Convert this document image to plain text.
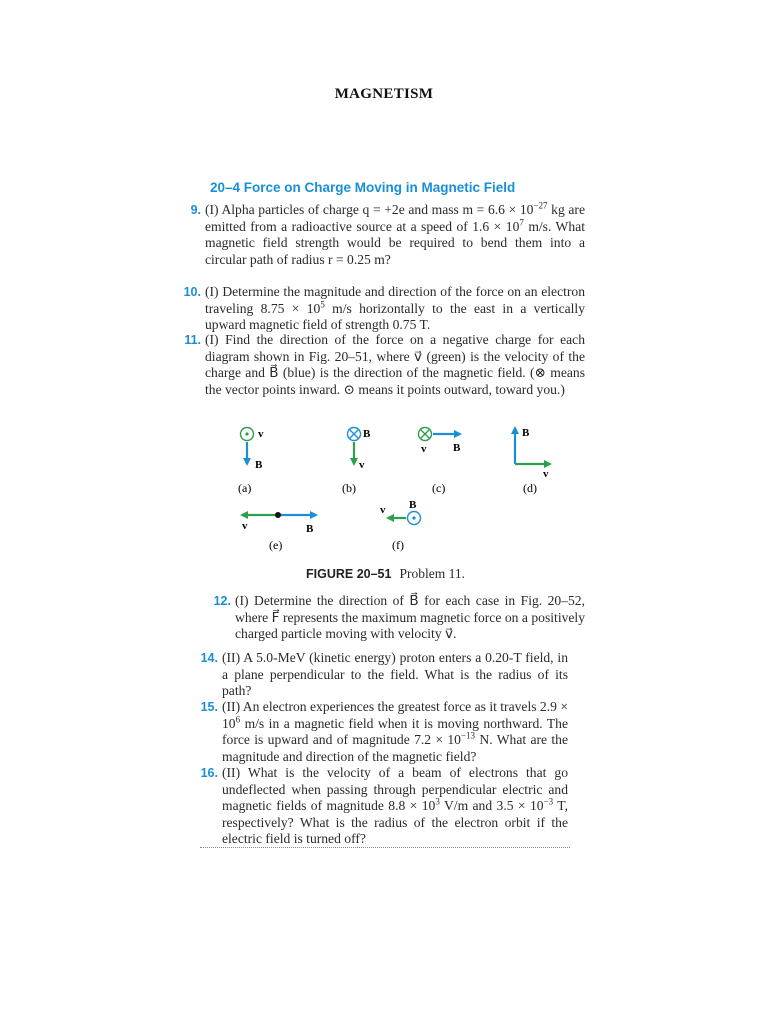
MAGNETISM
20–4 Force on Charge Moving in Magnetic Field
9. (I) Alpha particles of charge q = +2e and mass $m = 6.6 \times 10^{-27}$ kg are emitted from a radioactive source at a speed of $1.6 \times 10^7$ m/s. What magnetic field strength would be required to bend them into a circular path of radius r = 0.25 m?
10. (I) Determine the magnitude and direction of the force on an electron traveling $8.75 \times 10^5$ m/s horizontally to the east in a vertically upward magnetic field of strength 0.75 T.
11. (I) Find the direction of the force on a negative charge for each diagram shown in Fig. 20–51, where v⃗ (green) is the velocity of the charge and B⃗ (blue) is the direction of the magnetic field. (⊗ means the vector points inward. ⊙ means it points outward, toward you.)
v⃗
B⃗
(a)
B⃗
v⃗
(b)
v⃗ B⃗
(c)
B⃗
v⃗
(d)
v⃗	B⃗
(e)
B⃗
v⃗
(f)
FIGURE 20–51 Problem 11.
12. (I) Determine the direction of B⃗ for each case in Fig. 20–52, where F⃗ represents the maximum magnetic force on a positively charged particle moving with velocity v⃗.
14. (II) A 5.0-MeV (kinetic energy) proton enters a 0.20-T field, in a plane perpendicular to the field. What is the radius of its path?
15. (II) An electron experiences the greatest force as it travels $2.9 \times 10^6$ m/s in a magnetic field when it is moving northward. The force is upward and of magnitude $7.2 \times 10^{-13}$ N. What are the magnitude and direction of the magnetic field?
16. (II) What is the velocity of a beam of electrons that go undeflected when passing through perpendicular electric and magnetic fields of magnitude $8.8 \times 10^3$ V/m and $3.5 \times 10^{-3}$ T, respectively? What is the radius of the electron orbit if the electric field is turned off?
